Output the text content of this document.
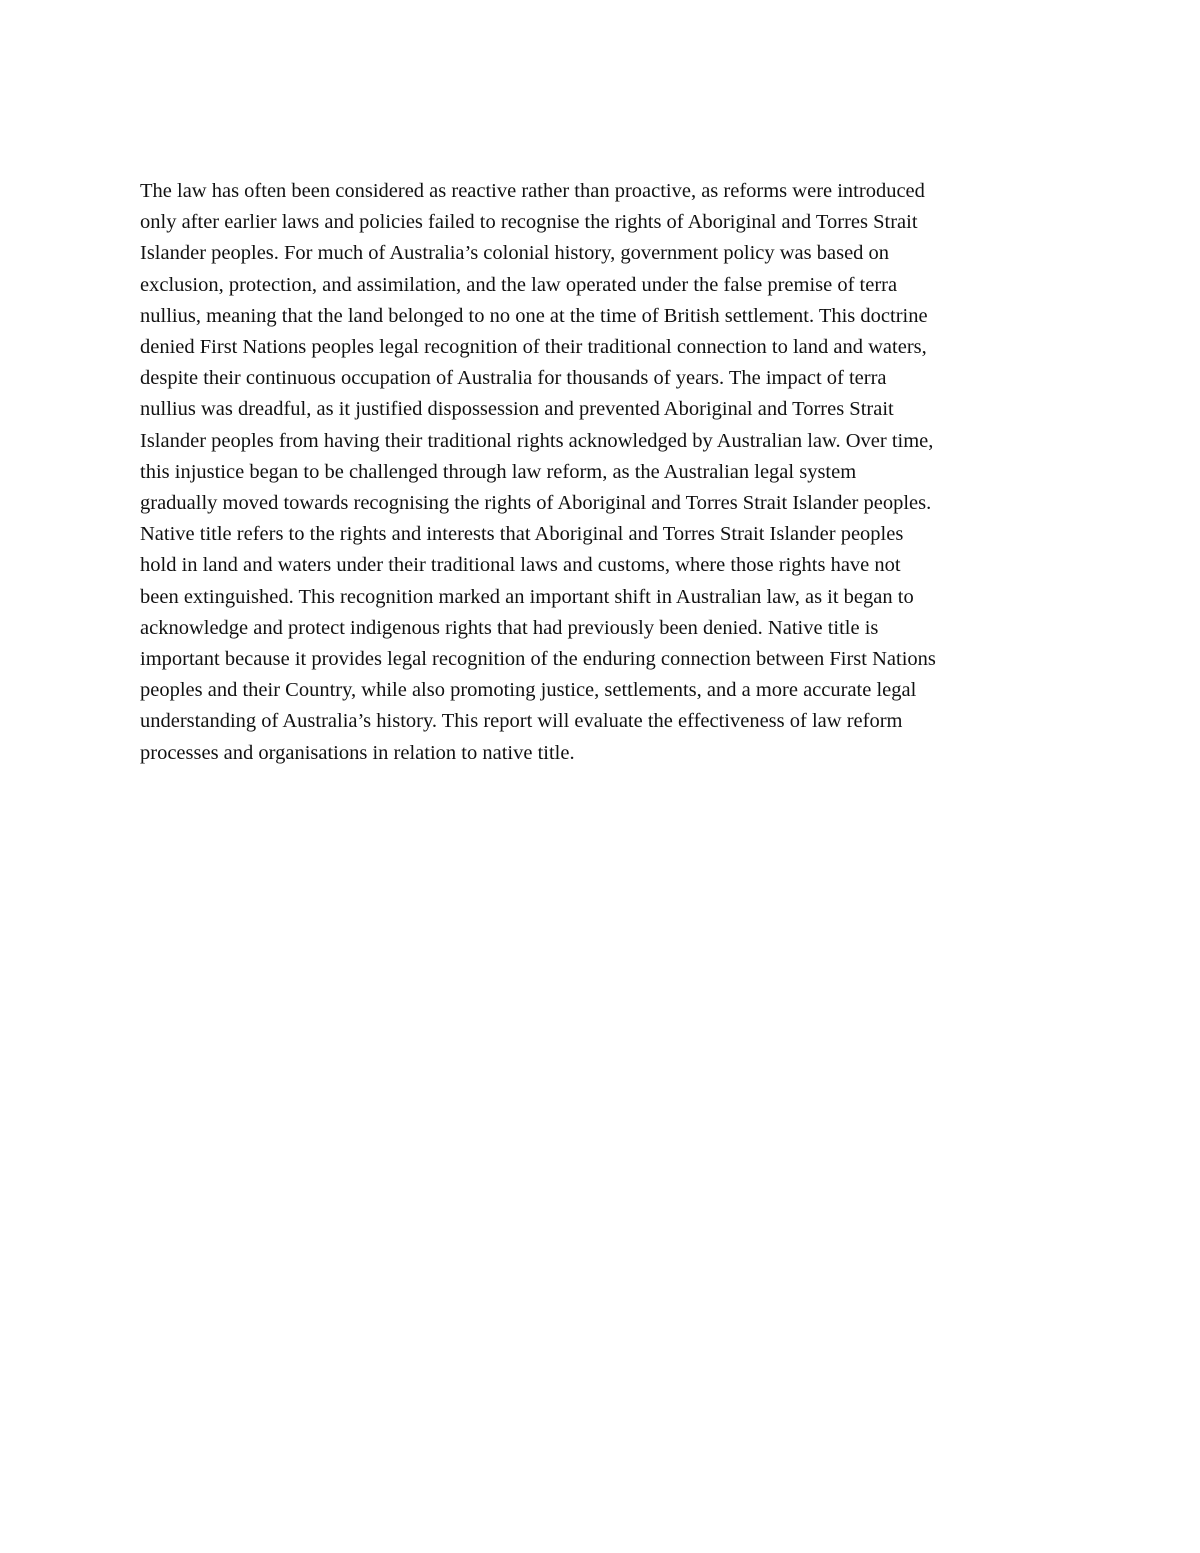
The law has often been considered as reactive rather than proactive, as reforms were introduced
only after earlier laws and policies failed to recognise the rights of Aboriginal and Torres Strait
Islander peoples. For much of Australia’s colonial history, government policy was based on
exclusion, protection, and assimilation, and the law operated under the false premise of terra
nullius, meaning that the land belonged to no one at the time of British settlement. This doctrine
denied First Nations peoples legal recognition of their traditional connection to land and waters,
despite their continuous occupation of Australia for thousands of years. The impact of terra
nullius was dreadful, as it justified dispossession and prevented Aboriginal and Torres Strait
Islander peoples from having their traditional rights acknowledged by Australian law. Over time,
this injustice began to be challenged through law reform, as the Australian legal system
gradually moved towards recognising the rights of Aboriginal and Torres Strait Islander peoples.
Native title refers to the rights and interests that Aboriginal and Torres Strait Islander peoples
hold in land and waters under their traditional laws and customs, where those rights have not
been extinguished. This recognition marked an important shift in Australian law, as it began to
acknowledge and protect indigenous rights that had previously been denied. Native title is
important because it provides legal recognition of the enduring connection between First Nations
peoples and their Country, while also promoting justice, settlements, and a more accurate legal
understanding of Australia’s history. This report will evaluate the effectiveness of law reform
processes and organisations in relation to native title.
